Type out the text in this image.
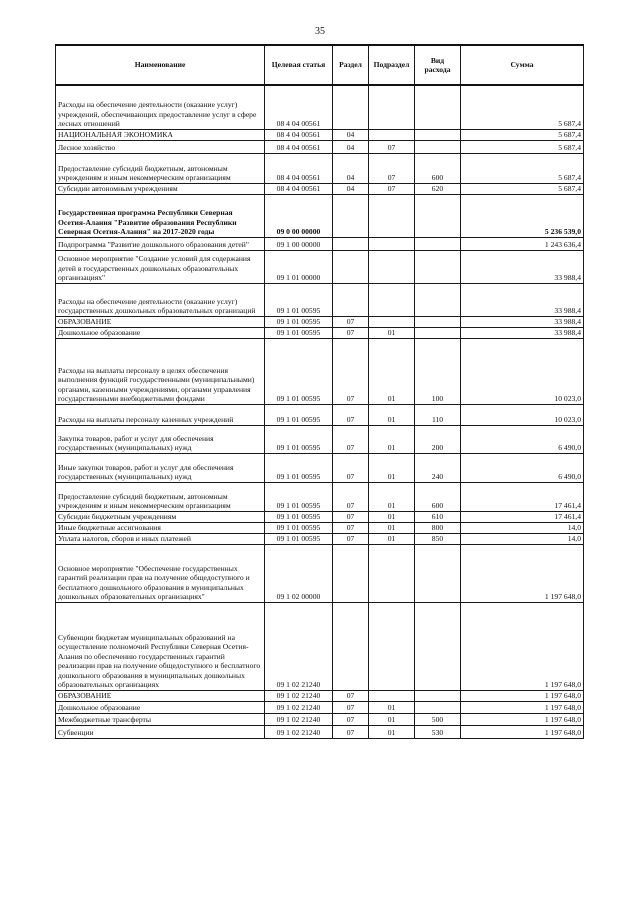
35
Наименование	Целевая статья	Раздел	Подраздел	Вид расхода	Сумма
Расходы на обеспечение деятельности (оказание услуг) учреждений, обеспечивающих предоставление услуг в сфере лесных отношений	08 4 04 00561				5 687,4
НАЦИОНАЛЬНАЯ ЭКОНОМИКА	08 4 04 00561	04			5 687,4
Лесное хозяйство	08 4 04 00561	04	07		5 687,4
Предоставление субсидий бюджетным, автономным учреждениям и иным некоммерческим организациям	08 4 04 00561	04	07	600	5 687,4
Субсидии автономным учреждениям	08 4 04 00561	04	07	620	5 687,4
Государственная программа Республики Северная Осетия-Алания "Развитие образования Республики Северная Осетия-Алания" на 2017-2020 годы	09 0 00 00000				5 236 539,0
Подпрограмма "Развитие дошкольного образования детей"	09 1 00 00000				1 243 636,4
Основное мероприятие "Создание условий для содержания детей в государственных дошкольных образовательных организациях"	09 1 01 00000				33 988,4
Расходы на обеспечение деятельности (оказание услуг) государственных дошкольных образовательных организаций	09 1 01 00595				33 988,4
ОБРАЗОВАНИЕ	09 1 01 00595	07			33 988,4
Дошкольное образование	09 1 01 00595	07	01		33 988,4
Расходы на выплаты персоналу в целях обеспечения выполнения функций государственными (муниципальными) органами, казенными учреждениями, органами управления государственными внебюджетными фондами	09 1 01 00595	07	01	100	10 023,0
Расходы на выплаты персоналу казенных учреждений	09 1 01 00595	07	01	110	10 023,0
Закупка товаров, работ и услуг для обеспечения государственных (муниципальных) нужд	09 1 01 00595	07	01	200	6 490,0
Иные закупки товаров, работ и услуг для обеспечения государственных (муниципальных) нужд	09 1 01 00595	07	01	240	6 490,0
Предоставление субсидий бюджетным, автономным учреждениям и иным некоммерческим организациям	09 1 01 00595	07	01	600	17 461,4
Субсидии бюджетным учреждениям	09 1 01 00595	07	01	610	17 461,4
Иные бюджетные ассигнования	09 1 01 00595	07	01	800	14,0
Уплата налогов, сборов и иных платежей	09 1 01 00595	07	01	850	14,0
Основное мероприятие "Обеспечение государственных гарантий реализации прав на получение общедоступного и бесплатного дошкольного образования в муниципальных дошкольных образовательных организациях"	09 1 02 00000				1 197 648,0
Субвенции бюджетам муниципальных образований на осуществление полномочий Республики Северная Осетия-Алания по обеспечению государственных гарантий реализации прав на получение общедоступного и бесплатного дошкольного образования в муниципальных дошкольных образовательных организациях	09 1 02 21240				1 197 648,0
ОБРАЗОВАНИЕ	09 1 02 21240	07			1 197 648,0
Дошкольное образование	09 1 02 21240	07	01		1 197 648,0
Межбюджетные трансферты	09 1 02 21240	07	01	500	1 197 648,0
Субвенции	09 1 02 21240	07	01	530	1 197 648,0
